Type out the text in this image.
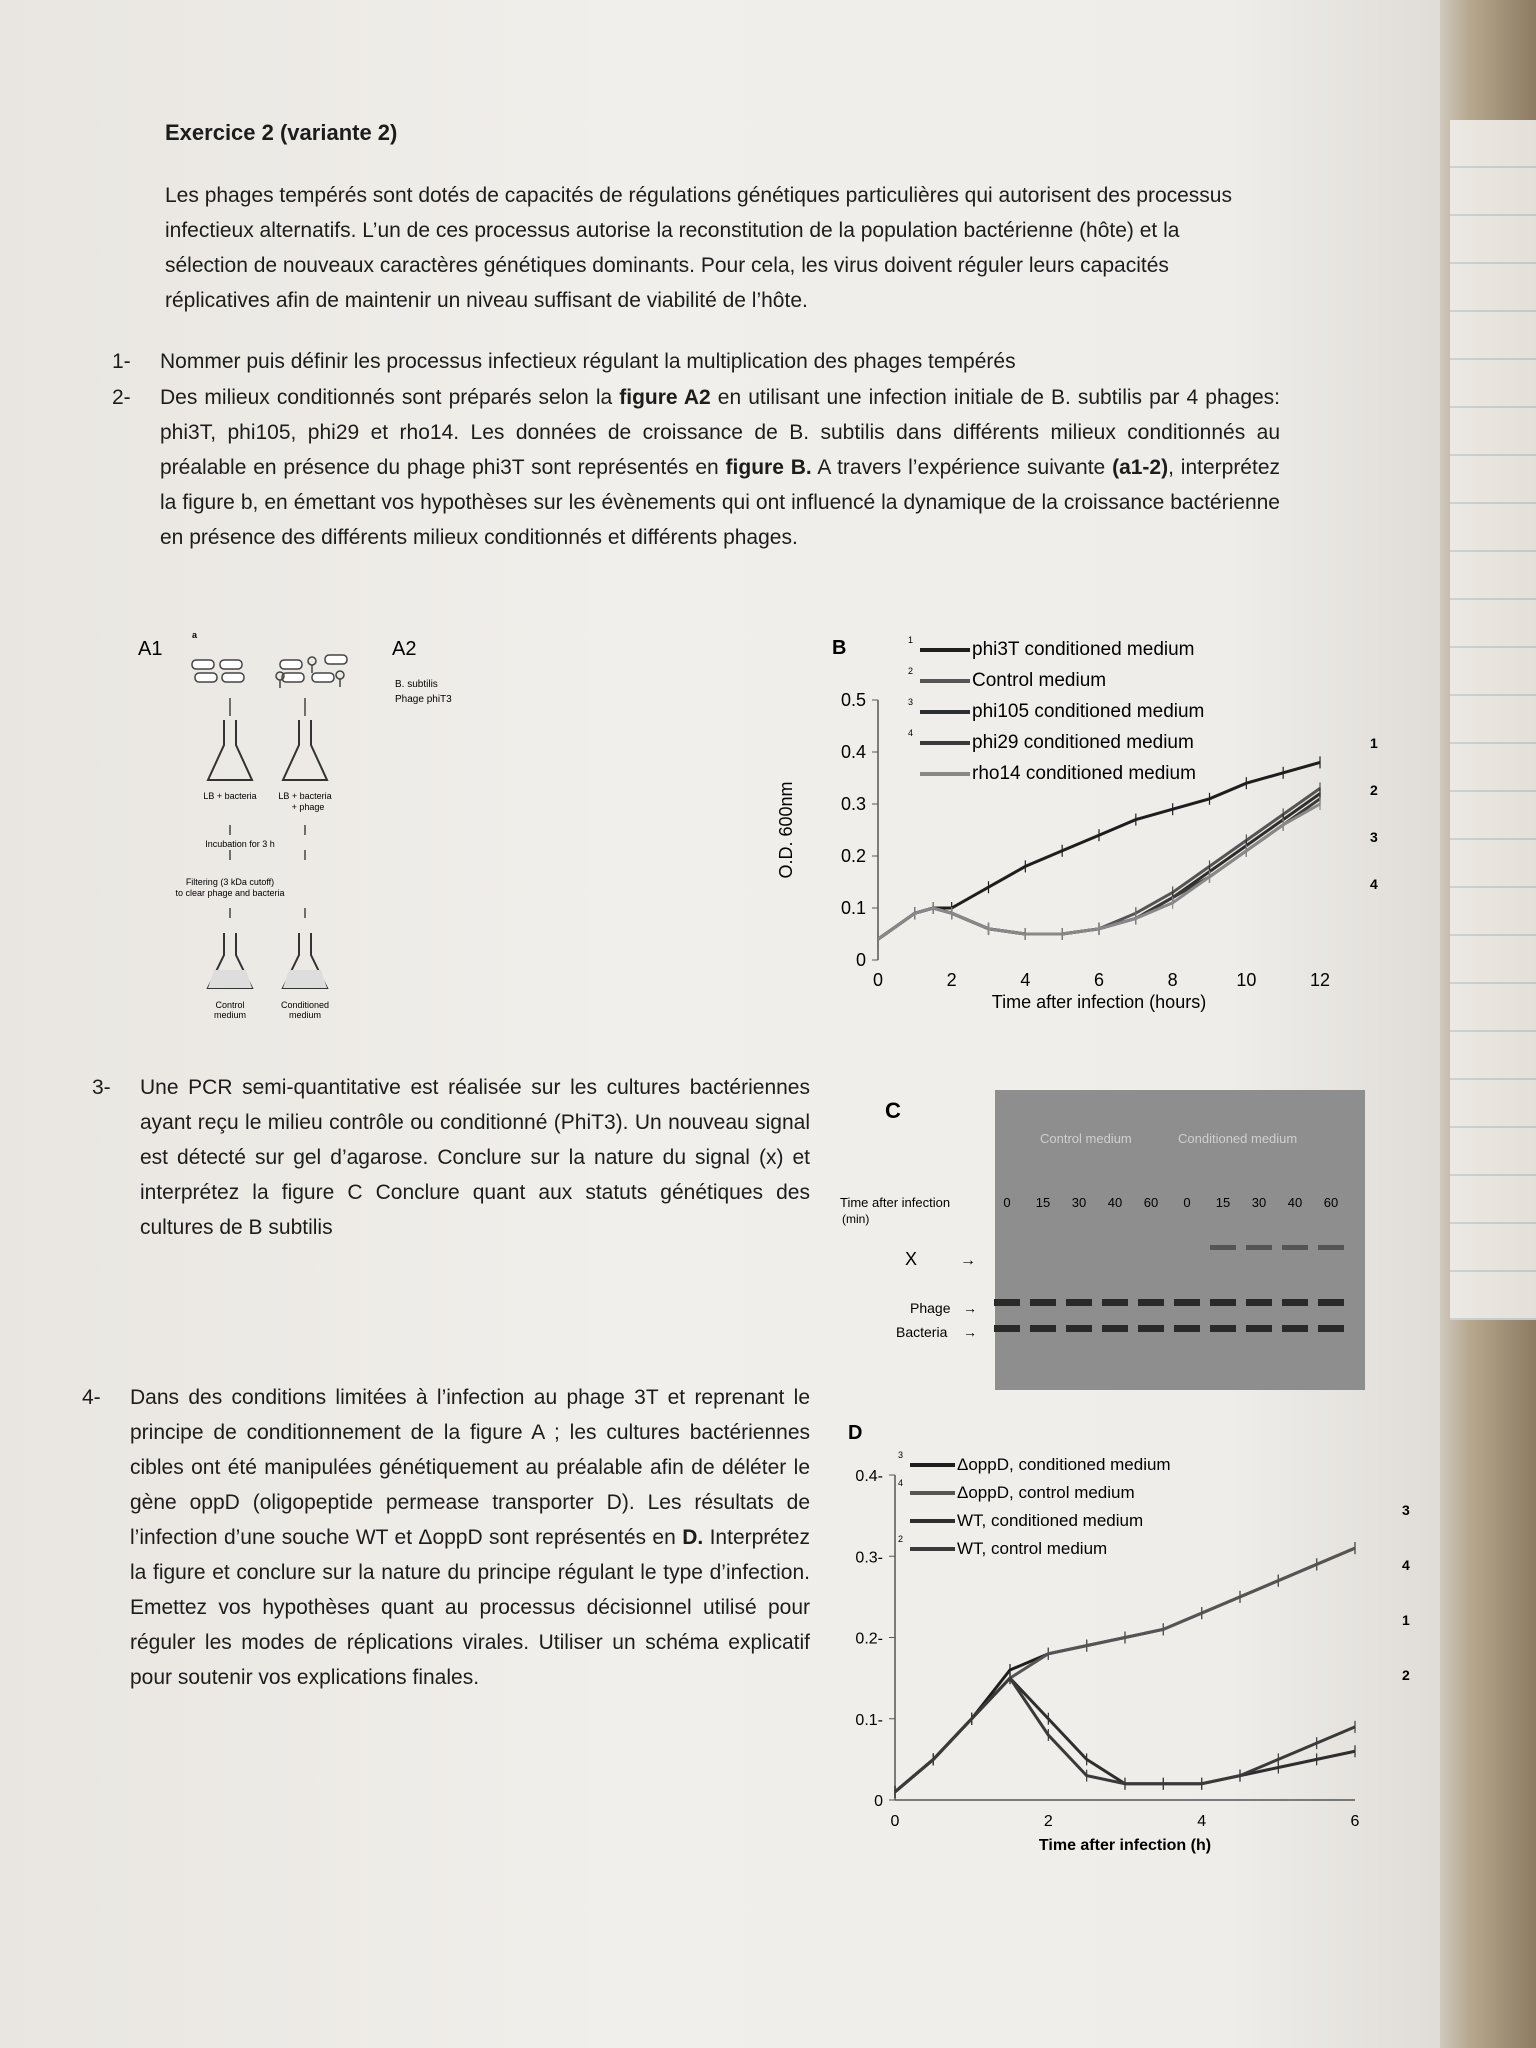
Exercice 2 (variante 2)
Les phages tempérés sont dotés de capacités de régulations génétiques particulières qui autorisent des processus infectieux alternatifs. L’un de ces processus autorise la reconstitution de la population bactérienne (hôte) et la sélection de nouveaux caractères génétiques dominants. Pour cela, les virus doivent réguler leurs capacités réplicatives afin de maintenir un niveau suffisant de viabilité de l’hôte.
1- Nommer puis définir les processus infectieux régulant la multiplication des phages tempérés
2- Des milieux conditionnés sont préparés selon la figure A2 en utilisant une infection initiale de B. subtilis par 4 phages: phi3T, phi105, phi29 et rho14. Les données de croissance de B. subtilis dans différents milieux conditionnés au préalable en présence du phage phi3T sont représentés en figure B. A travers l’expérience suivante (a1-2), interprétez la figure b, en émettant vos hypothèses sur les évènements qui ont influencé la dynamique de la croissance bactérienne en présence des différents milieux conditionnés et différents phages.
3- Une PCR semi-quantitative est réalisée sur les cultures bactériennes ayant reçu le milieu contrôle ou conditionné (PhiT3). Un nouveau signal est détecté sur gel d’agarose. Conclure sur la nature du signal (x) et interprétez la figure C Conclure quant aux statuts génétiques des cultures de B subtilis
4- Dans des conditions limitées à l’infection au phage 3T et reprenant le principe de conditionnement de la figure A ; les cultures bactériennes cibles ont été manipulées génétiquement au préalable afin de déléter le gène oppD (oligopeptide permease transporter D). Les résultats de l’infection d’une souche WT et ΔoppD sont représentés en D. Interprétez la figure et conclure sur la nature du principe régulant le type d’infection. Emettez vos hypothèses quant au processus décisionnel utilisé pour réguler les modes de réplications virales. Utiliser un schéma explicatif pour soutenir vos explications finales.
A1
a
A2
B. subtilis
Phage phiT3
LB + bacteria LB + bacteria
+ phage
Incubation for 3 h
Filtering (3 kDa cutoff)
to clear phage and bacteria
Control
medium
Conditioned
medium
0
0.1
0.2
0.3
0.4
0.5
0	2	4	6	8	10	12
Time after infection (hours)
O.D. 600nm
B	phi3T conditioned medium
1
Control medium
2
phi105 conditioned medium
3
phi29 conditioned medium
4
rho14 conditioned medium
1
2
3
4
C
Control medium	Conditioned medium
Time after infection
(min)
0 15 30 40 60 0 15 30 40 60
X	→
Phage →
Bacteria →
0
0.1-
0.2-
0.3-
0.4-
0	2	4	6
Time after infection (h)
D
ΔoppD, conditioned medium
3
ΔoppD, control medium
4
WT, conditioned medium
WT, control medium
2
3
4
1
2
